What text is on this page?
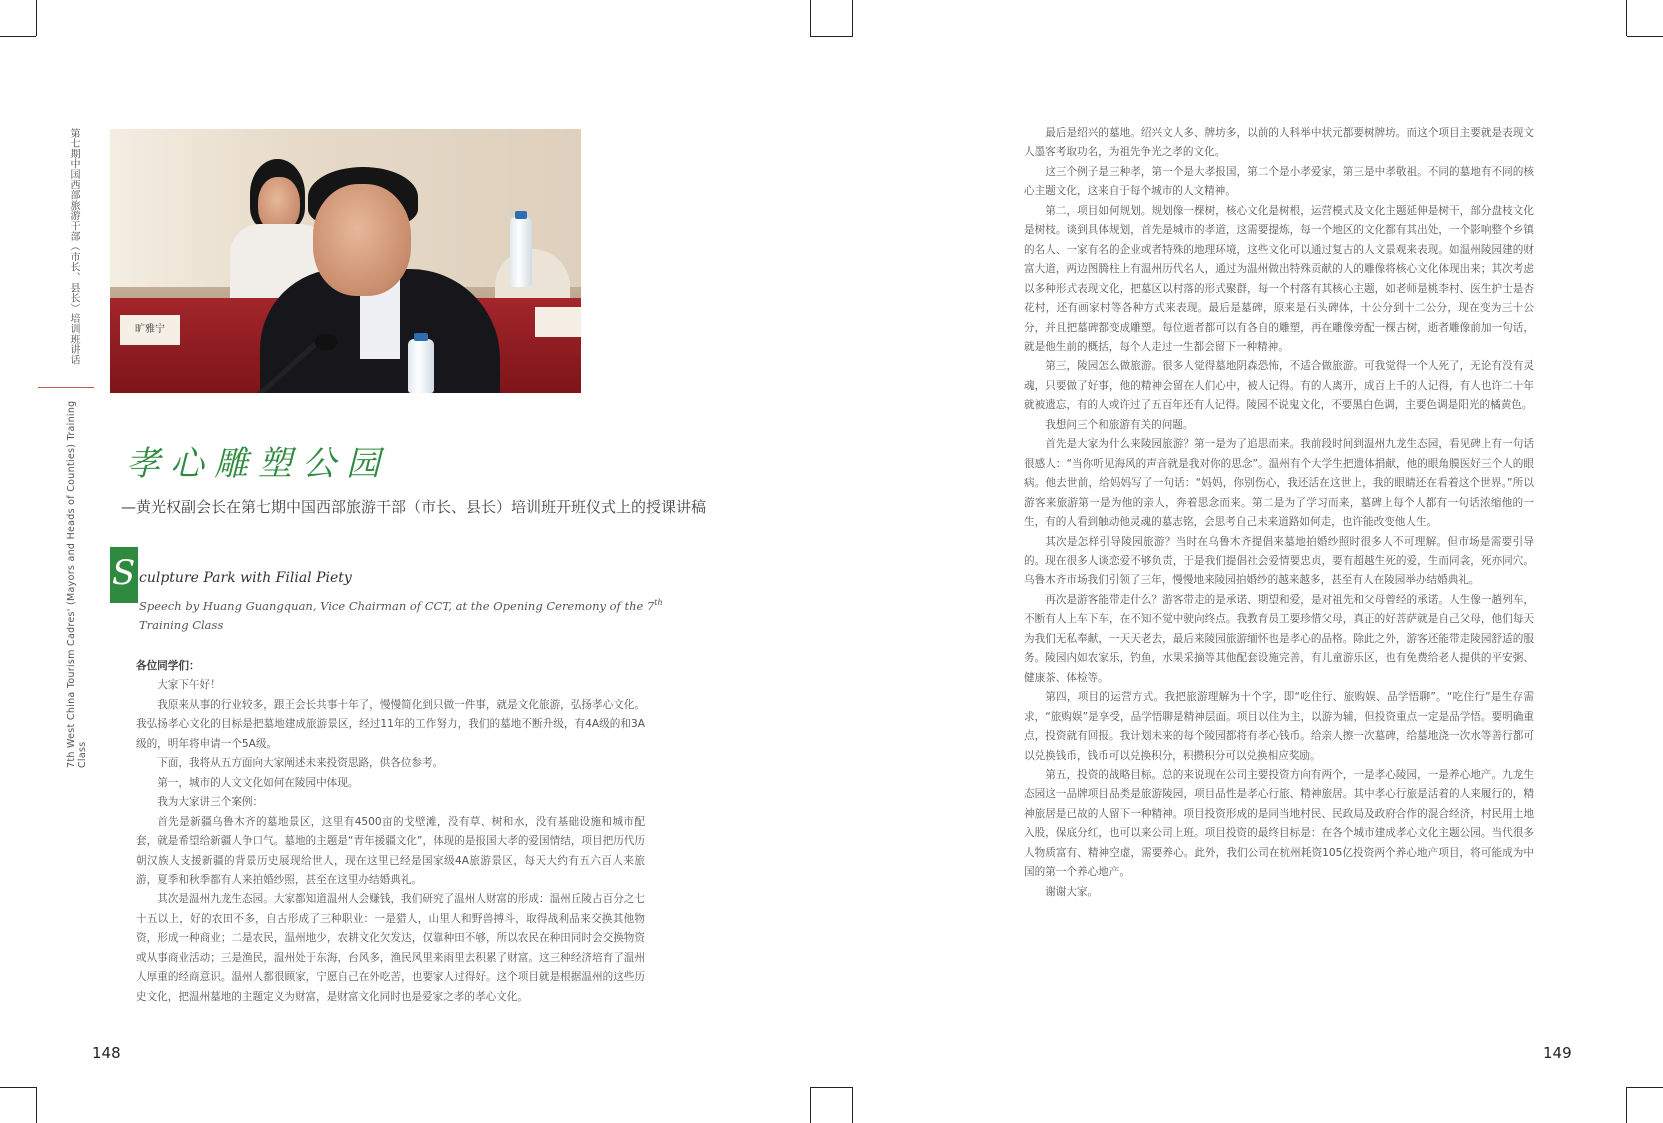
第七期中国西部旅游干部（市长、县长）培训班讲话
7th West China Tourism Cadres' (Mayors and Heads of Counties) Training Class
旷雅宁
孝心雕塑公园
—黄光权副会长在第七期中国西部旅游干部（市长、县长）培训班开班仪式上的授课讲稿
S culpture Park with Filial Piety
Speech by Huang Guangquan, Vice Chairman of CCT, at the Opening Ceremony of the 7th
Training Class

各位同学们：

大家下午好！

我原来从事的行业较多，跟王会长共事十年了，慢慢简化到只做一件事，就是文化旅游，弘扬孝心文化。我弘扬孝心文化的目标是把墓地建成旅游景区，经过11年的工作努力，我们的墓地不断升级，有4A级的和3A级的，明年将申请一个5A级。

下面，我将从五方面向大家阐述未来投资思路，供各位参考。

第一，城市的人文文化如何在陵园中体现。

我为大家讲三个案例：

首先是新疆乌鲁木齐的墓地景区，这里有4500亩的戈壁滩，没有草、树和水，没有基础设施和城市配套，就是希望给新疆人争口气。墓地的主题是“青年援疆文化”，体现的是报国大孝的爱国情结，项目把历代历朝汉族人支援新疆的背景历史展现给世人，现在这里已经是国家级4A旅游景区，每天大约有五六百人来旅游，夏季和秋季都有人来拍婚纱照，甚至在这里办结婚典礼。

其次是温州九龙生态园。大家都知道温州人会赚钱，我们研究了温州人财富的形成：温州丘陵占百分之七十五以上，好的农田不多，自古形成了三种职业：一是猎人，山里人和野兽搏斗，取得战利品来交换其他物资，形成一种商业；二是农民，温州地少，农耕文化欠发达，仅靠种田不够，所以农民在种田同时会交换物资或从事商业活动；三是渔民，温州处于东海，台风多，渔民风里来雨里去积累了财富。这三种经济培育了温州人厚重的经商意识。温州人都很顾家，宁愿自己在外吃苦，也要家人过得好。这个项目就是根据温州的这些历史文化，把温州墓地的主题定义为财富，是财富文化同时也是爱家之孝的孝心文化。

最后是绍兴的墓地。绍兴文人多、牌坊多，以前的人科举中状元都要树牌坊。而这个项目主要就是表现文人墨客考取功名，为祖先争光之孝的文化。

这三个例子是三种孝，第一个是大孝报国，第二个是小孝爱家，第三是中孝敬祖。不同的墓地有不同的核心主题文化，这来自于每个城市的人文精神。

第二，项目如何规划。规划像一棵树，核心文化是树根，运营模式及文化主题延伸是树干，部分盘枝文化是树枝。谈到具体规划，首先是城市的孝道，这需要提炼，每一个地区的文化都有其出处，一个影响整个乡镇的名人、一家有名的企业或者特殊的地理环境，这些文化可以通过复古的人文景观来表现。如温州陵园建的财富大道，两边图腾柱上有温州历代名人，通过为温州做出特殊贡献的人的雕像将核心文化体现出来；其次考虑以多种形式表现文化，把墓区以村落的形式聚群，每一个村落有其核心主题，如老师是桃李村、医生护士是杏花村，还有画家村等各种方式来表现。最后是墓碑，原来是石头碑体，十公分到十二公分，现在变为三十公分，并且把墓碑都变成雕塑。每位逝者都可以有各自的雕塑，再在雕像旁配一棵古树，逝者雕像前加一句话，就是他生前的概括，每个人走过一生都会留下一种精神。

第三，陵园怎么做旅游。很多人觉得墓地阴森恐怖，不适合做旅游。可我觉得一个人死了，无论有没有灵魂，只要做了好事，他的精神会留在人们心中，被人记得。有的人离开，成百上千的人记得，有人也许二十年就被遗忘，有的人或许过了五百年还有人记得。陵园不说鬼文化，不要黑白色调，主要色调是阳光的橘黄色。

我想问三个和旅游有关的问题。

首先是大家为什么来陵园旅游？第一是为了追思而来。我前段时间到温州九龙生态园，看见碑上有一句话很感人：“当你听见海风的声音就是我对你的思念”。温州有个大学生把遗体捐献，他的眼角膜医好三个人的眼病。他去世前，给妈妈写了一句话：“妈妈，你别伤心，我还活在这世上，我的眼睛还在看着这个世界。”所以游客来旅游第一是为他的亲人，奔着思念而来。第二是为了学习而来，墓碑上每个人都有一句话浓缩他的一生，有的人看到触动他灵魂的墓志铭，会思考自己未来道路如何走，也许能改变他人生。

其次是怎样引导陵园旅游？当时在乌鲁木齐提倡来墓地拍婚纱照时很多人不可理解。但市场是需要引导的。现在很多人谈恋爱不够负责，于是我们提倡社会爱情要忠贞，要有超越生死的爱，生而同衾，死亦同穴。乌鲁木齐市场我们引领了三年，慢慢地来陵园拍婚纱的越来越多，甚至有人在陵园举办结婚典礼。

再次是游客能带走什么？游客带走的是承诺、期望和爱，是对祖先和父母曾经的承诺。人生像一趟列车，不断有人上车下车，在不知不觉中驶向终点。我教育员工要珍惜父母，真正的好菩萨就是自己父母，他们每天为我们无私奉献，一天天老去，最后来陵园旅游缅怀也是孝心的品格。除此之外，游客还能带走陵园舒适的服务。陵园内如农家乐，钓鱼，水果采摘等其他配套设施完善，有儿童游乐区，也有免费给老人提供的平安粥、健康茶、体检等。

第四，项目的运营方式。我把旅游理解为十个字，即“吃住行、旅购娱、品学悟聊”。“吃住行”是生存需求，“旅购娱”是享受，品学悟聊是精神层面。项目以住为主，以游为辅，但投资重点一定是品学悟。要明确重点，投资就有回报。我计划未来的每个陵园都将有孝心钱币。给亲人擦一次墓碑，给墓地浇一次水等善行都可以兑换钱币，钱币可以兑换积分，积攒积分可以兑换相应奖励。

第五，投资的战略目标。总的来说现在公司主要投资方向有两个，一是孝心陵园，一是养心地产。九龙生态园这一品牌项目品类是旅游陵园，项目品性是孝心行旅、精神旅居。其中孝心行旅是活着的人来履行的，精神旅居是已故的人留下一种精神。项目投资形成的是同当地村民、民政局及政府合作的混合经济，村民用土地入股，保底分红，也可以来公司上班。项目投资的最终目标是：在各个城市建成孝心文化主题公园。当代很多人物质富有、精神空虚，需要养心。此外，我们公司在杭州耗资105亿投资两个养心地产项目，将可能成为中国的第一个养心地产。

谢谢大家。

148	149
